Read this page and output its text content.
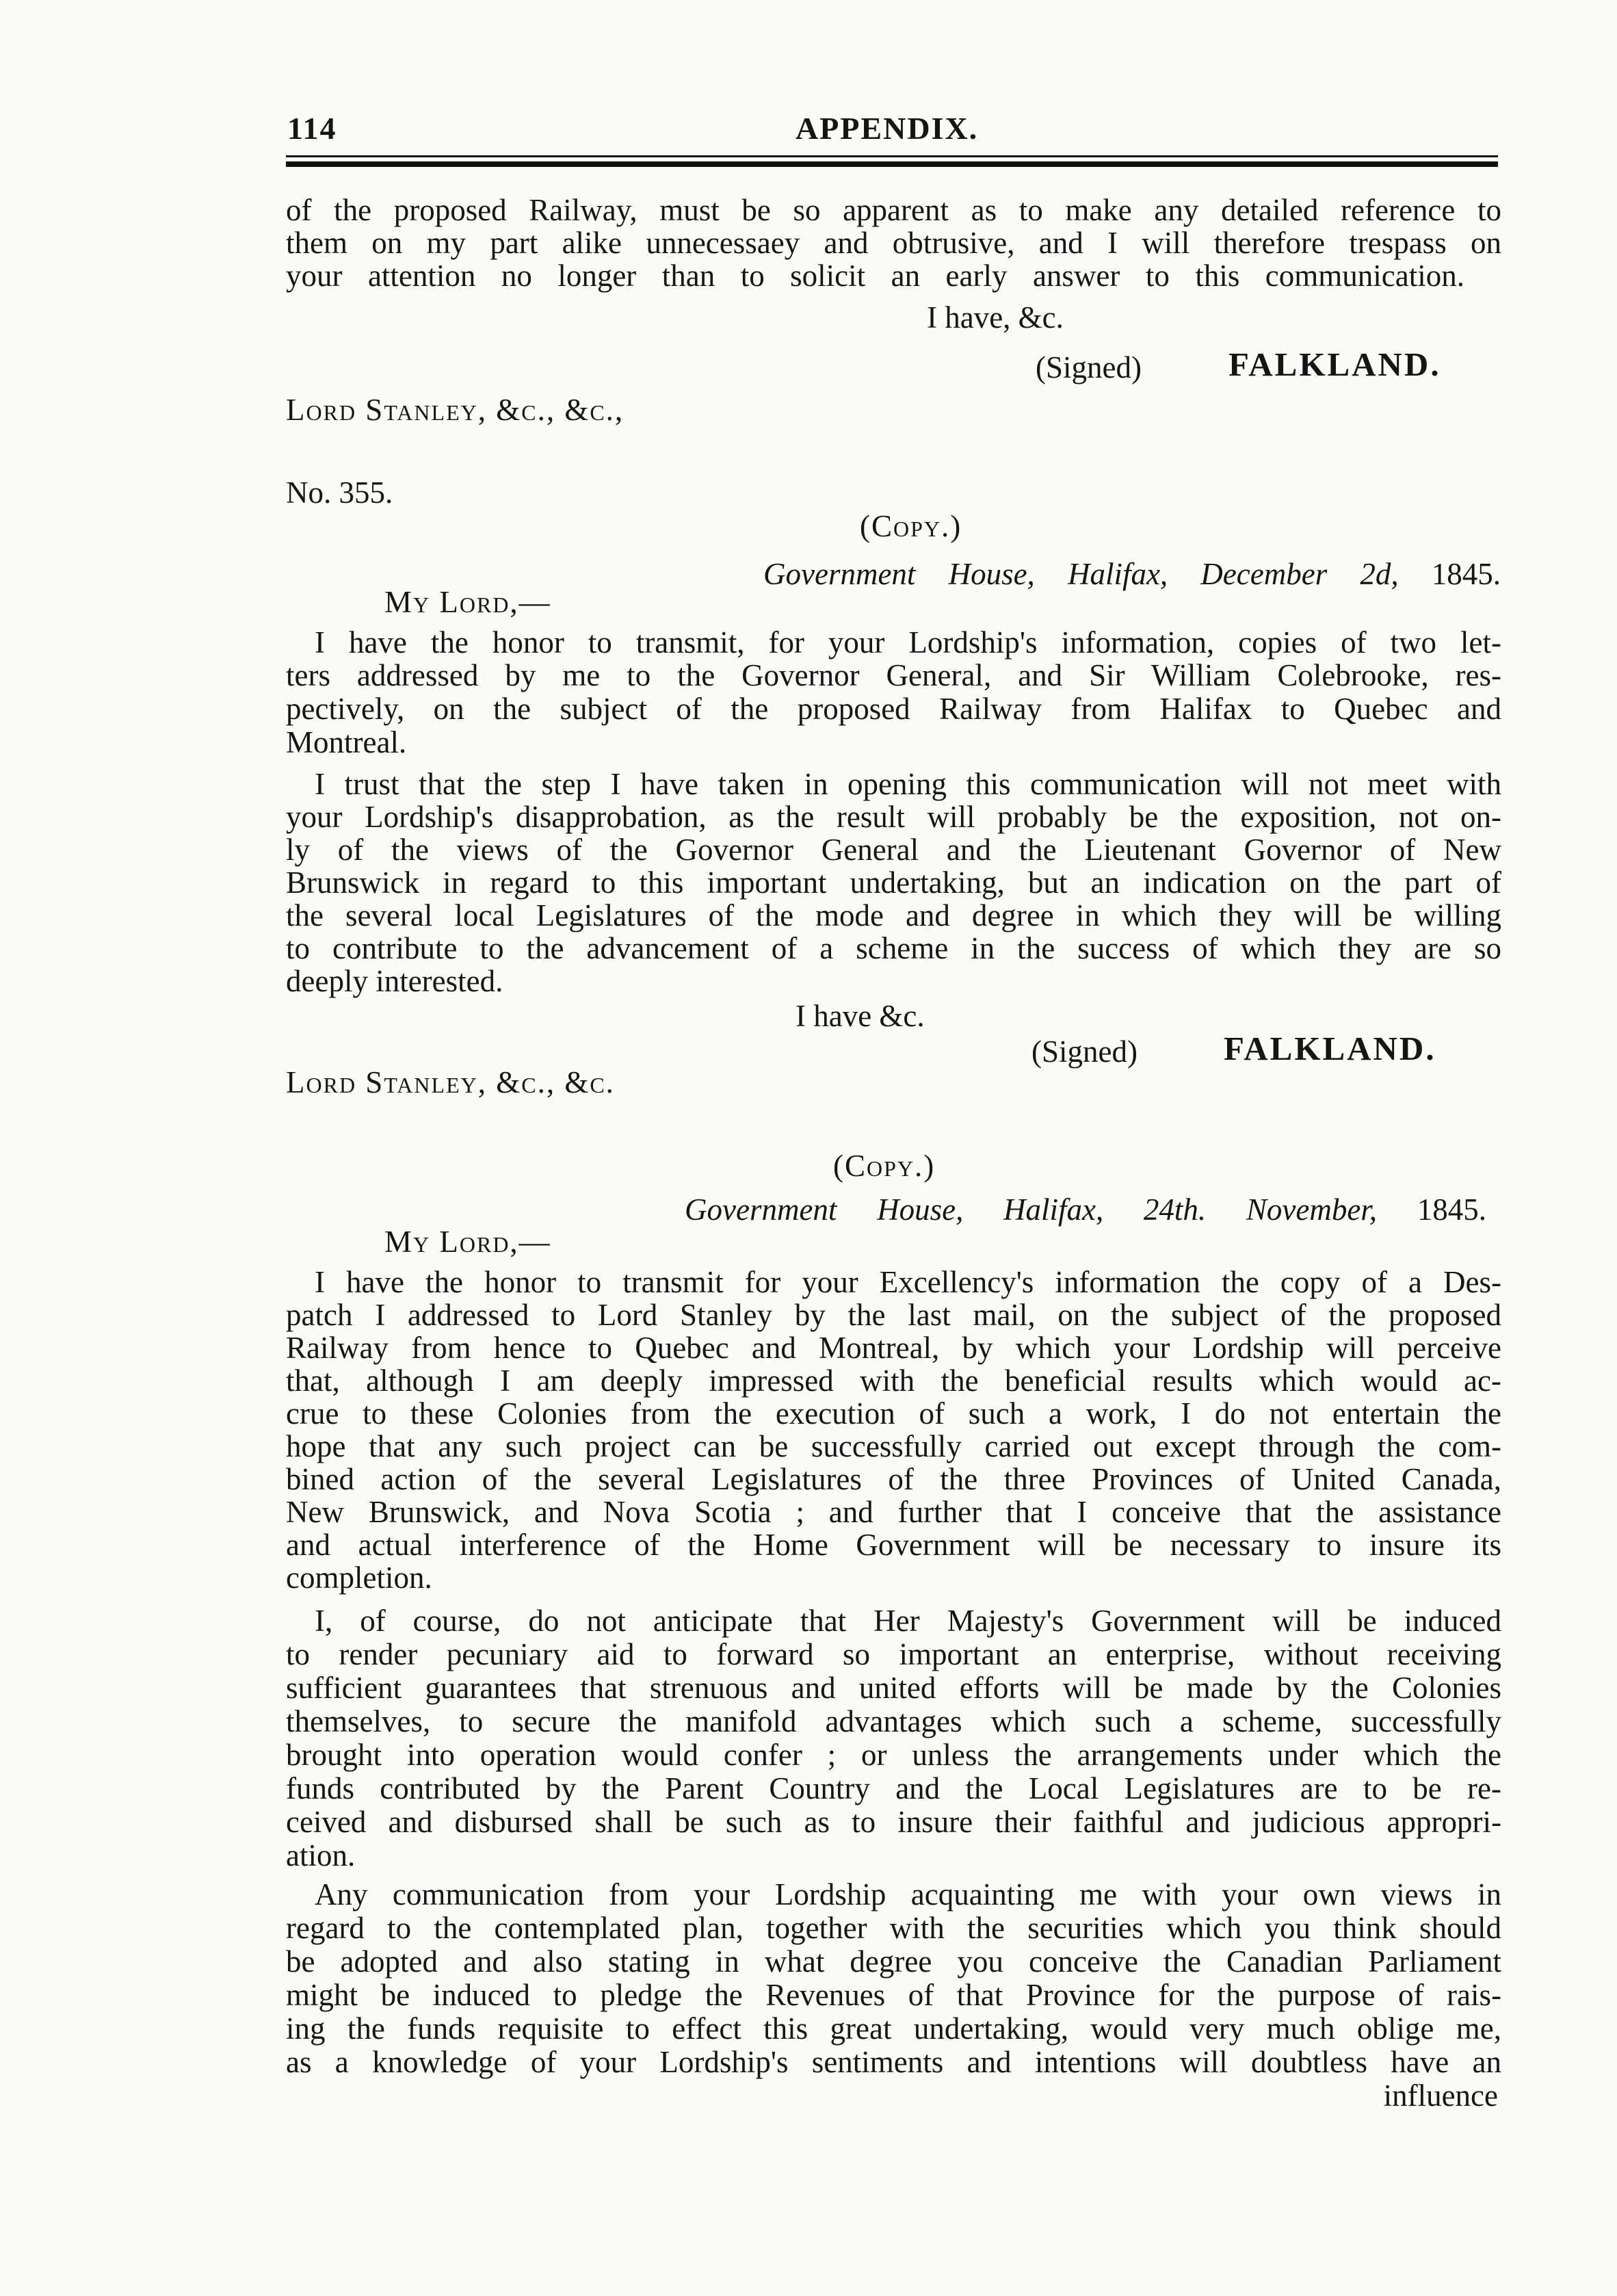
114	APPENDIX.
of the proposed Railway, must be so apparent as to make any detailed reference to
them on my part alike unnecessaey and obtrusive, and I will therefore trespass on
your attention no longer than to solicit an early answer to this communication.
I have, &c.
(Signed)	FALKLAND.
Lord Stanley, &c., &c.,
No. 355.
(Copy.)
Government House, Halifax, December 2d, 1845.
My Lord,—
I have the honor to transmit, for your Lordship's information, copies of two let-
ters addressed by me to the Governor General, and Sir William Colebrooke, res-
pectively, on the subject of the proposed Railway from Halifax to Quebec and
Montreal.
I trust that the step I have taken in opening this communication will not meet with
your Lordship's disapprobation, as the result will probably be the exposition, not on-
ly of the views of the Governor General and the Lieutenant Governor of New
Brunswick in regard to this important undertaking, but an indication on the part of
the several local Legislatures of the mode and degree in which they will be willing
to contribute to the advancement of a scheme in the success of which they are so
deeply interested.
I have &c.
(Signed)	FALKLAND.
Lord Stanley, &c., &c.
(Copy.)
Government House, Halifax, 24th. November, 1845.
My Lord,—
I have the honor to transmit for your Excellency's information the copy of a Des-
patch I addressed to Lord Stanley by the last mail, on the subject of the proposed
Railway from hence to Quebec and Montreal, by which your Lordship will perceive
that, although I am deeply impressed with the beneficial results which would ac-
crue to these Colonies from the execution of such a work, I do not entertain the
hope that any such project can be successfully carried out except through the com-
bined action of the several Legislatures of the three Provinces of United Canada,
New Brunswick, and Nova Scotia ; and further that I conceive that the assistance
and actual interference of the Home Government will be necessary to insure its
completion.
I, of course, do not anticipate that Her Majesty's Government will be induced
to render pecuniary aid to forward so important an enterprise, without receiving
sufficient guarantees that strenuous and united efforts will be made by the Colonies
themselves, to secure the manifold advantages which such a scheme, successfully
brought into operation would confer ; or unless the arrangements under which the
funds contributed by the Parent Country and the Local Legislatures are to be re-
ceived and disbursed shall be such as to insure their faithful and judicious appropri-
ation.
Any communication from your Lordship acquainting me with your own views in
regard to the contemplated plan, together with the securities which you think should
be adopted and also stating in what degree you conceive the Canadian Parliament
might be induced to pledge the Revenues of that Province for the purpose of rais-
ing the funds requisite to effect this great undertaking, would very much oblige me,
as a knowledge of your Lordship's sentiments and intentions will doubtless have an
influence
